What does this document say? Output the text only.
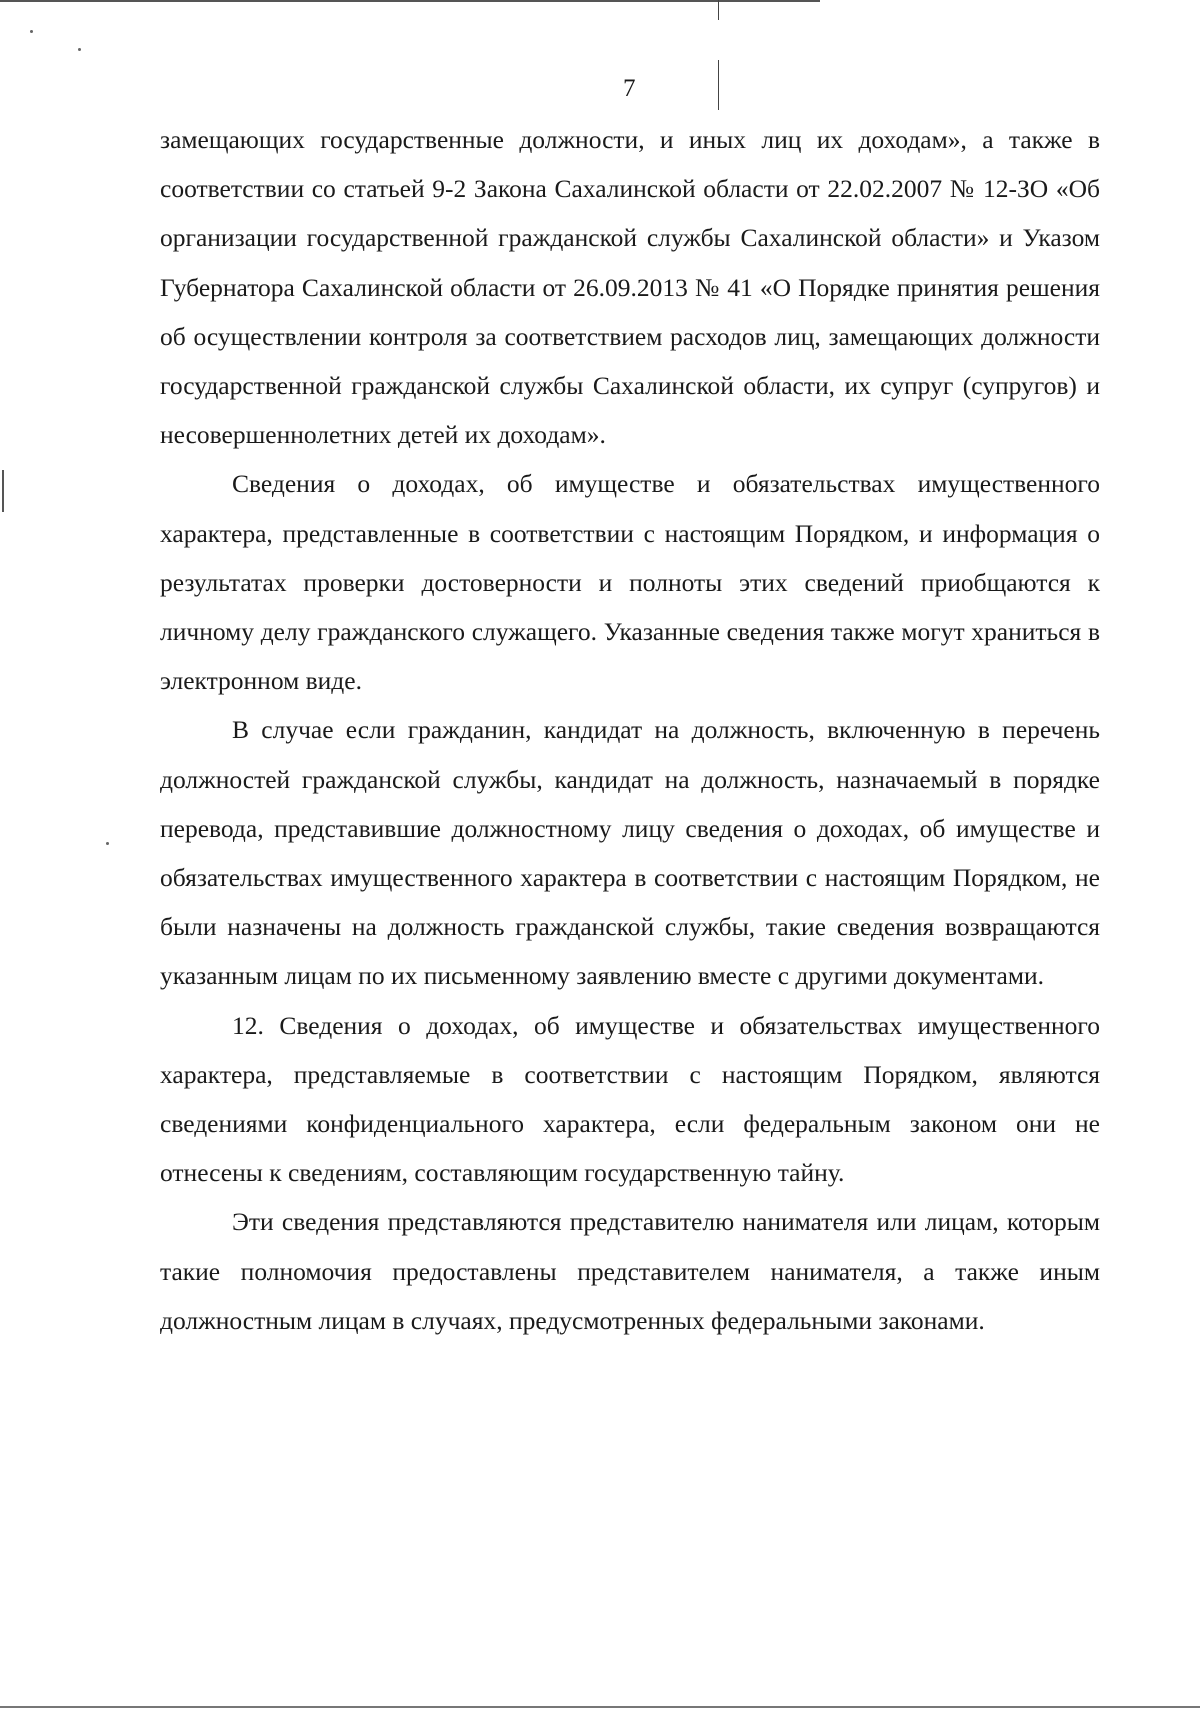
7

замещающих государственные должности, и иных лиц их доходам», а также в соответствии со статьей 9-2 Закона Сахалинской области от 22.02.2007 № 12-ЗО «Об организации государственной гражданской службы Сахалинской области» и Указом Губернатора Сахалинской области от 26.09.2013 № 41 «О Порядке принятия решения об осуществлении контроля за соответствием расходов лиц, замещающих должности государственной гражданской службы Сахалинской области, их супруг (супругов) и несовершеннолетних детей их доходам».

Сведения о доходах, об имуществе и обязательствах имущественного характера, представленные в соответствии с настоящим Порядком, и информация о результатах проверки достоверности и полноты этих сведений приобщаются к личному делу гражданского служащего. Указанные сведения также могут храниться в электронном виде.

В случае если гражданин, кандидат на должность, включенную в перечень должностей гражданской службы, кандидат на должность, назначаемый в порядке перевода, представившие должностному лицу сведения о доходах, об имуществе и обязательствах имущественного характера в соответствии с настоящим Порядком, не были назначены на должность гражданской службы, такие сведения возвращаются указанным лицам по их письменному заявлению вместе с другими документами.

12. Сведения о доходах, об имуществе и обязательствах имущественного характера, представляемые в соответствии с настоящим Порядком, являются сведениями конфиденциального характера, если федеральным законом они не отнесены к сведениям, составляющим государственную тайну.

Эти сведения представляются представителю нанимателя или лицам, которым такие полномочия предоставлены представителем нанимателя, а также иным должностным лицам в случаях, предусмотренных федеральными законами.
